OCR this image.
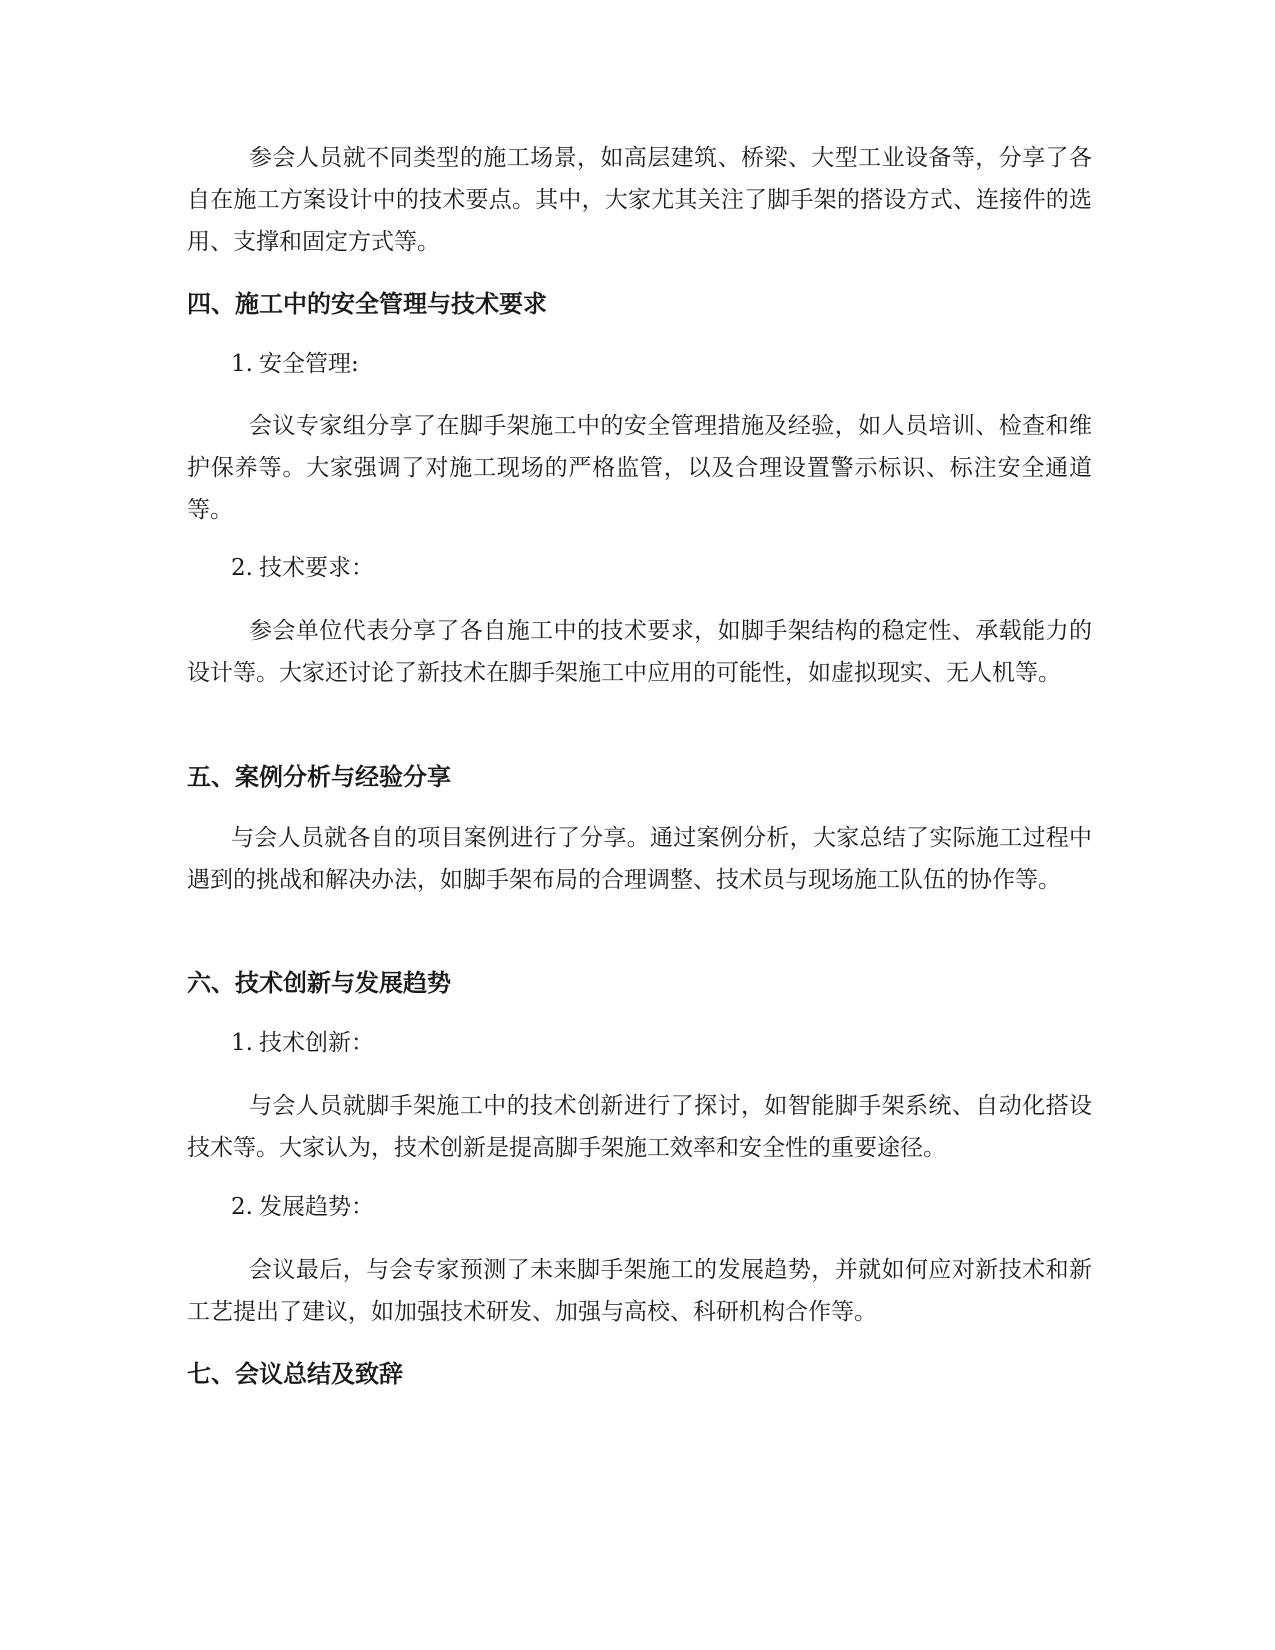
参会人员就不同类型的施工场景，如高层建筑、桥梁、大型工业设备等，分享了各自在施工方案设计中的技术要点。其中，大家尤其关注了脚手架的搭设方式、连接件的选用、支撑和固定方式等。

四、施工中的安全管理与技术要求

1. 安全管理:

会议专家组分享了在脚手架施工中的安全管理措施及经验，如人员培训、检查和维护保养等。大家强调了对施工现场的严格监管，以及合理设置警示标识、标注安全通道等。

2. 技术要求：

参会单位代表分享了各自施工中的技术要求，如脚手架结构的稳定性、承载能力的设计等。大家还讨论了新技术在脚手架施工中应用的可能性，如虚拟现实、无人机等。

五、案例分析与经验分享

与会人员就各自的项目案例进行了分享。通过案例分析，大家总结了实际施工过程中遇到的挑战和解决办法，如脚手架布局的合理调整、技术员与现场施工队伍的协作等。

六、技术创新与发展趋势

1. 技术创新：

与会人员就脚手架施工中的技术创新进行了探讨，如智能脚手架系统、自动化搭设技术等。大家认为，技术创新是提高脚手架施工效率和安全性的重要途径。

2. 发展趋势：

会议最后，与会专家预测了未来脚手架施工的发展趋势，并就如何应对新技术和新工艺提出了建议，如加强技术研发、加强与高校、科研机构合作等。

七、会议总结及致辞
